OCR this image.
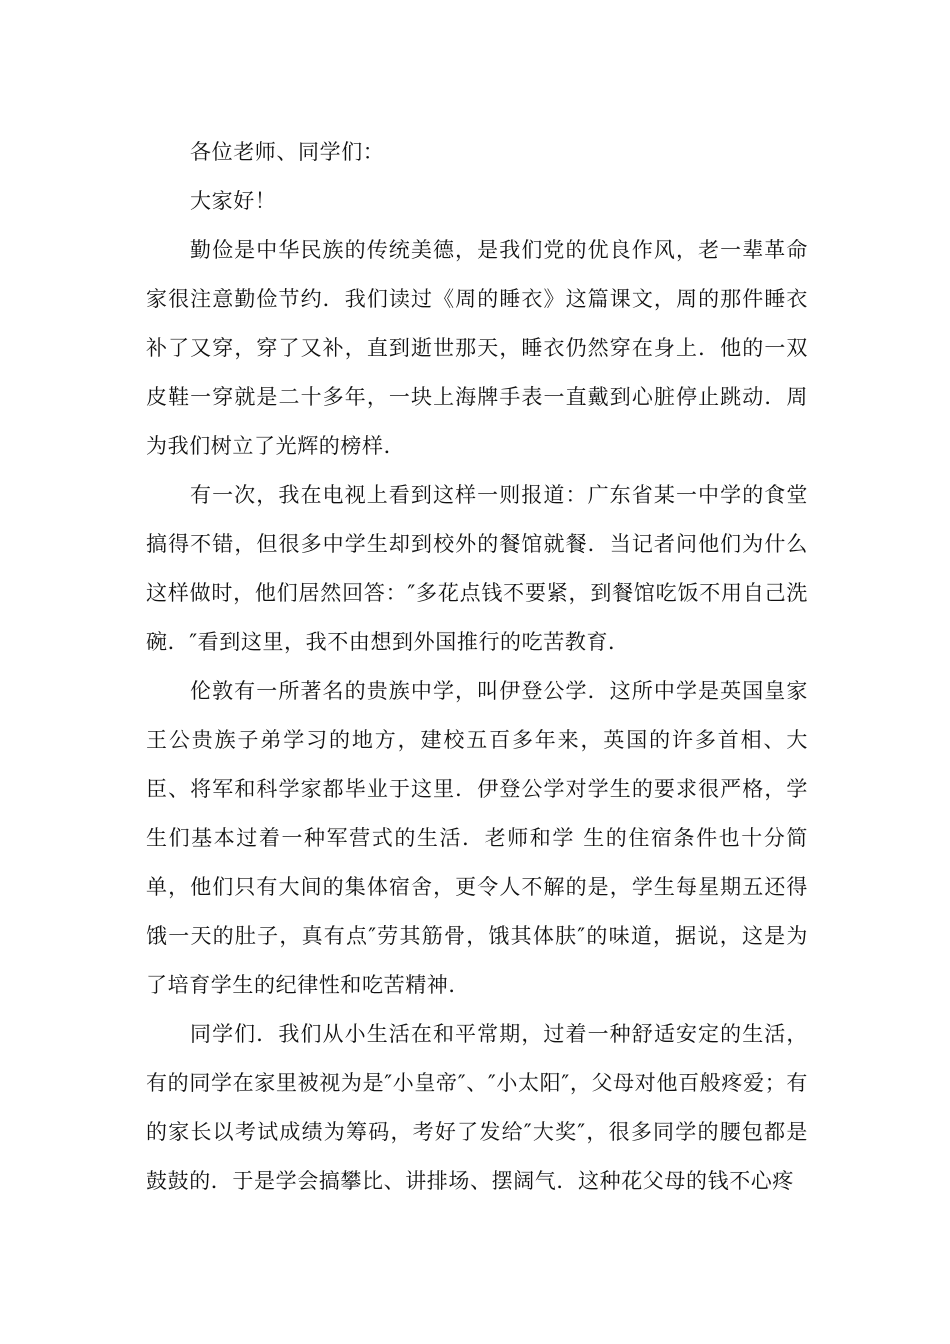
各位老师、同学们：

大家好！

勤俭是中华民族的传统美德，是我们党的优良作风，老一辈革命家很注意勤俭节约．我们读过《周的睡衣》这篇课文，周的那件睡衣补了又穿，穿了又补，直到逝世那天，睡衣仍然穿在身上．他的一双皮鞋一穿就是二十多年，一块上海牌手表一直戴到心脏停止跳动．周为我们树立了光辉的榜样．

有一次，我在电视上看到这样一则报道：广东省某一中学的食堂搞得不错，但很多中学生却到校外的餐馆就餐．当记者问他们为什么这样做时，他们居然回答：″多花点钱不要紧，到餐馆吃饭不用自己洗碗．″看到这里，我不由想到外国推行的吃苦教育．

伦敦有一所著名的贵族中学，叫伊登公学．这所中学是英国皇家王公贵族子弟学习的地方，建校五百多年来，英国的许多首相、大臣、将军和科学家都毕业于这里．伊登公学对学生的要求很严格，学生们基本过着一种军营式的生活．老师和学 生的住宿条件也十分简单，他们只有大间的集体宿舍，更令人不解的是，学生每星期五还得饿一天的肚子，真有点″劳其筋骨，饿其体肤″的味道，据说，这是为了培育学生的纪律性和吃苦精神．

同学们．我们从小生活在和平常期，过着一种舒适安定的生活，有的同学在家里被视为是″小皇帝″、″小太阳″，父母对他百般疼爱；有的家长以考试成绩为筹码，考好了发给″大奖″，很多同学的腰包都是鼓鼓的．于是学会搞攀比、讲排场、摆阔气．这种花父母的钱不心疼
